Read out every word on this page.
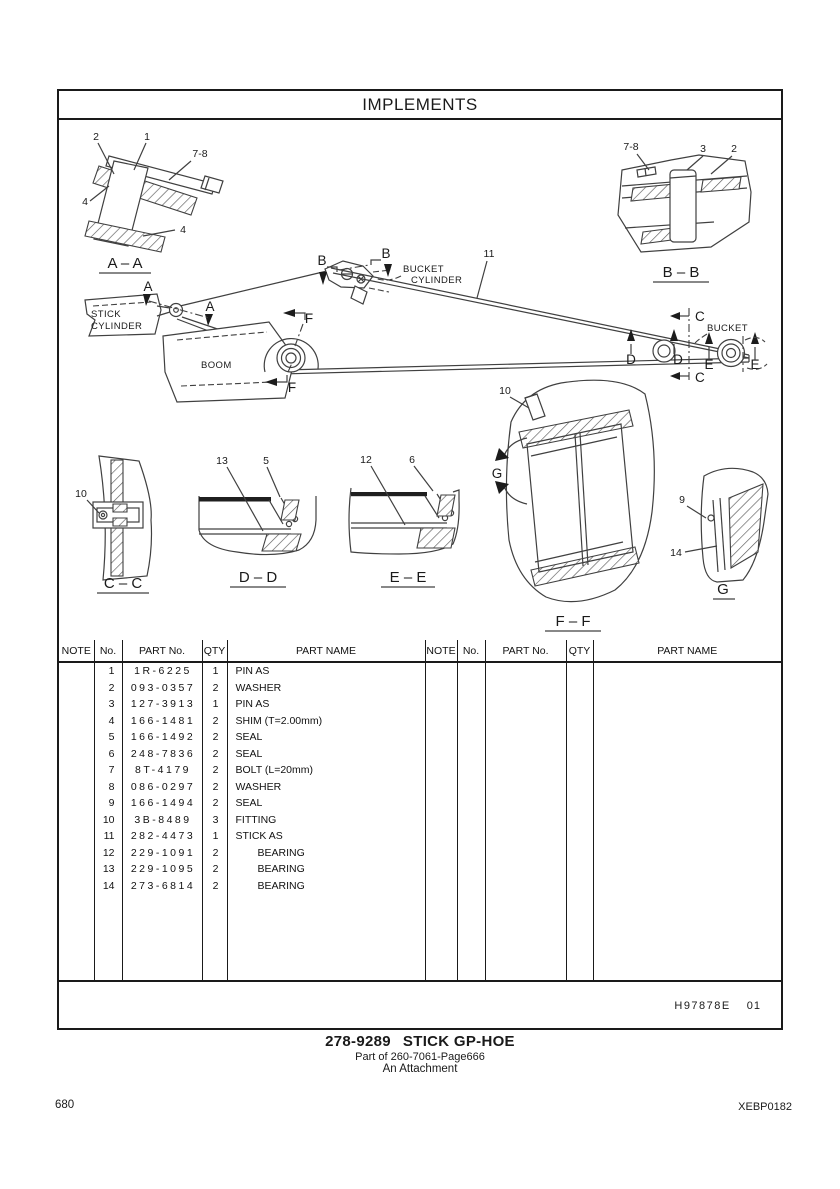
IMPLEMENTS
2	1
7-8
4
4
A – A
7-8	3 2
B – B
STICK
CYLINDER
A
A
B	B
BUCKET
CYLINDER
11
BOOM
F
F
C
C
D	D E	E
BUCKET
10
C – C
13	5
D – D
12	6
E – E
10
G
F – F
9
14
G
NOTE	No.	PART No.	QTY	PART NAME	NOTE	No.	PART No.	QTY	PART NAME
	1	1R-6225	1	PIN AS					
	2	093-0357	2	WASHER					
	3	127-3913	1	PIN AS					
	4	166-1481	2	SHIM (T=2.00mm)					
	5	166-1492	2	SEAL					
	6	248-7836	2	SEAL					
	7	8T-4179	2	BOLT (L=20mm)					
	8	086-0297	2	WASHER					
	9	166-1494	2	SEAL					
	10	3B-8489	3	FITTING					
	11	282-4473	1	STICK AS					
	12	229-1091	2	BEARING					
	13	229-1095	2	BEARING					
	14	273-6814	2	BEARING					

H97878E 01
278-9289 STICK GP-HOE
Part of 260-7061-Page666
An Attachment
680	XEBP0182
